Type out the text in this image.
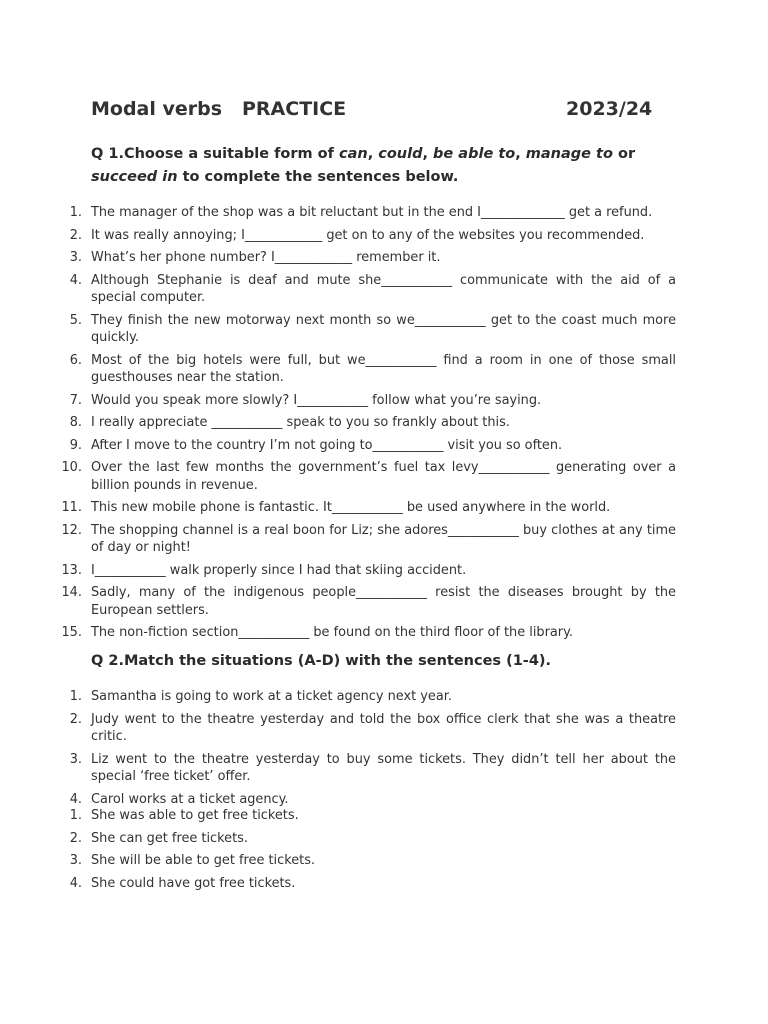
Modal verbs PRACTICE	2023/24
Q 1.Choose a suitable form of can, could, be able to, manage to or succeed in to complete the sentences below.
1. The manager of the shop was a bit reluctant but in the end I_____________ get a refund.
2. It was really annoying; I____________ get on to any of the websites you recommended.
3. What’s her phone number? I____________ remember it.
4. Although Stephanie is deaf and mute she___________ communicate with the aid of a special computer.
5. They finish the new motorway next month so we___________ get to the coast much more quickly.
6. Most of the big hotels were full, but we___________ find a room in one of those small guesthouses near the station.
7. Would you speak more slowly? I___________ follow what you’re saying.
8. I really appreciate ___________ speak to you so frankly about this.
9. After I move to the country I’m not going to___________ visit you so often.
10. Over the last few months the government’s fuel tax levy___________ generating over a billion pounds in revenue.
11. This new mobile phone is fantastic. It___________ be used anywhere in the world.
12. The shopping channel is a real boon for Liz; she adores___________ buy clothes at any time of day or night!
13. I___________ walk properly since I had that skiing accident.
14. Sadly, many of the indigenous people___________ resist the diseases brought by the European settlers.
15. The non-fiction section___________ be found on the third floor of the library.
Q 2.Match the situations (A-D) with the sentences (1-4).
1. Samantha is going to work at a ticket agency next year.
2. Judy went to the theatre yesterday and told the box office clerk that she was a theatre critic.
3. Liz went to the theatre yesterday to buy some tickets. They didn’t tell her about the special ‘free ticket’ offer.
4. Carol works at a ticket agency.
1. She was able to get free tickets.
2. She can get free tickets.
3. She will be able to get free tickets.
4. She could have got free tickets.
